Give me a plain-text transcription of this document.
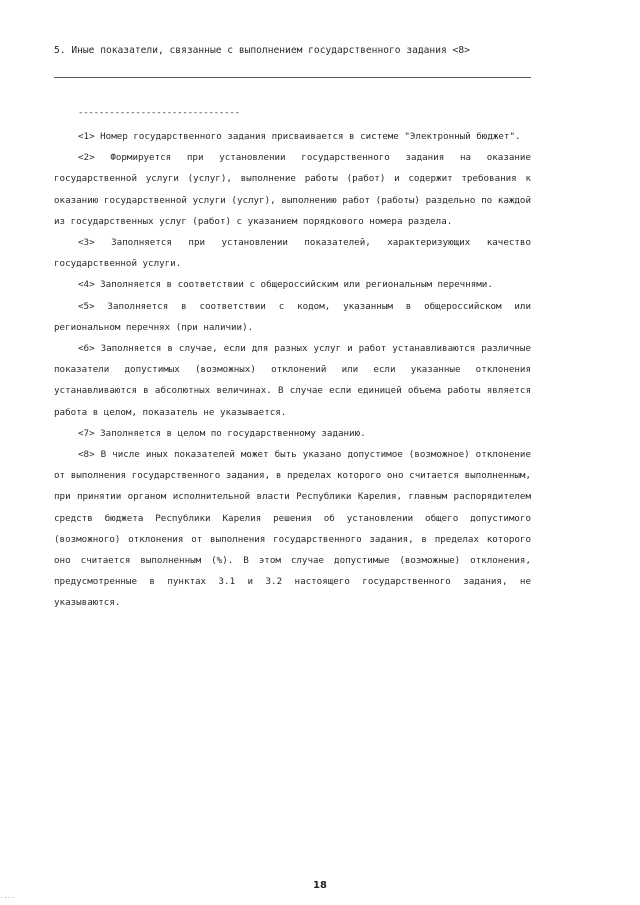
5. Иные показатели, связанные с выполнением государственного задания <8>
-------------------------------

<1> Номер государственного задания присваивается в системе "Электронный бюджет".

<2> Формируется при установлении государственного задания на оказание государственной услуги (услуг), выполнение работы (работ) и содержит требования к оказанию государственной услуги (услуг), выполнению работ (работы) раздельно по каждой из государственных услуг (работ) с указанием порядкового номера раздела.

<3> Заполняется при установлении показателей, характеризующих качество государственной услуги.

<4> Заполняется в соответствии с общероссийским или региональным перечнями.

<5> Заполняется в соответствии с кодом, указанным в общероссийском или региональном перечнях (при наличии).

<6> Заполняется в случае, если для разных услуг и работ устанавливаются различные показатели допустимых (возможных) отклонений или если указанные отклонения устанавливаются в абсолютных величинах. В случае если единицей объема работы является работа в целом, показатель не указывается.

<7> Заполняется в целом по государственному заданию.

<8> В числе иных показателей может быть указано допустимое (возможное) отклонение от выполнения государственного задания, в пределах которого оно считается выполненным, при принятии органом исполнительной власти Республики Карелия, главным распорядителем средств бюджета Республики Карелия решения об установлении общего допустимого (возможного) отклонения от выполнения государственного задания, в пределах которого оно считается выполненным (%). В этом случае допустимые (возможные) отклонения, предусмотренные в пунктах 3.1 и 3.2 настоящего государственного задания, не указываются.

18
....
